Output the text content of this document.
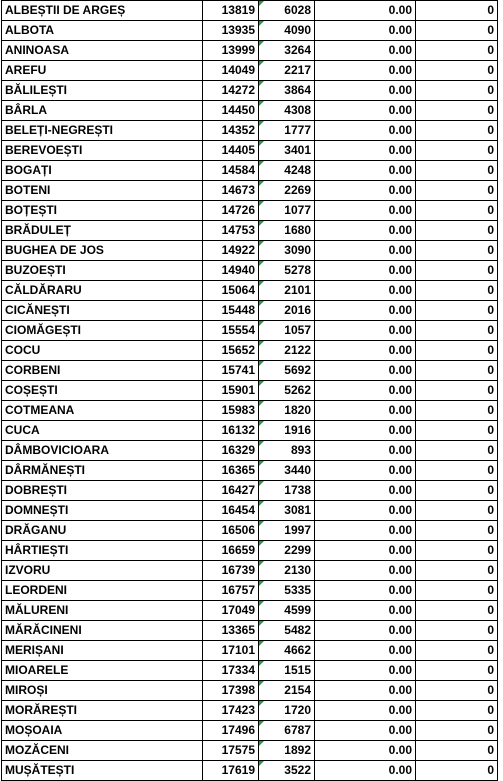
ALBEȘTII DE ARGEȘ	13819	6028	0.00	0
ALBOTA	13935	4090	0.00	0
ANINOASA	13999	3264	0.00	0
AREFU	14049	2217	0.00	0
BĂLILEȘTI	14272	3864	0.00	0
BÂRLA	14450	4308	0.00	0
BELEȚI-NEGREȘTI	14352	1777	0.00	0
BEREVOEȘTI	14405	3401	0.00	0
BOGAȚI	14584	4248	0.00	0
BOTENI	14673	2269	0.00	0
BOȚEȘTI	14726	1077	0.00	0
BRĂDULEȚ	14753	1680	0.00	0
BUGHEA DE JOS	14922	3090	0.00	0
BUZOEȘTI	14940	5278	0.00	0
CĂLDĂRARU	15064	2101	0.00	0
CICĂNEȘTI	15448	2016	0.00	0
CIOMĂGEȘTI	15554	1057	0.00	0
COCU	15652	2122	0.00	0
CORBENI	15741	5692	0.00	0
COȘEȘTI	15901	5262	0.00	0
COTMEANA	15983	1820	0.00	0
CUCA	16132	1916	0.00	0
DÂMBOVICIOARA	16329	893	0.00	0
DÂRMĂNEȘTI	16365	3440	0.00	0
DOBREȘTI	16427	1738	0.00	0
DOMNEȘTI	16454	3081	0.00	0
DRĂGANU	16506	1997	0.00	0
HÂRTIEȘTI	16659	2299	0.00	0
IZVORU	16739	2130	0.00	0
LEORDENI	16757	5335	0.00	0
MĂLURENI	17049	4599	0.00	0
MĂRĂCINENI	13365	5482	0.00	0
MERIȘANI	17101	4662	0.00	0
MIOARELE	17334	1515	0.00	0
MIROȘI	17398	2154	0.00	0
MORĂREȘTI	17423	1720	0.00	0
MOȘOAIA	17496	6787	0.00	0
MOZĂCENI	17575	1892	0.00	0
MUȘĂTEȘTI	17619	3522	0.00	0
